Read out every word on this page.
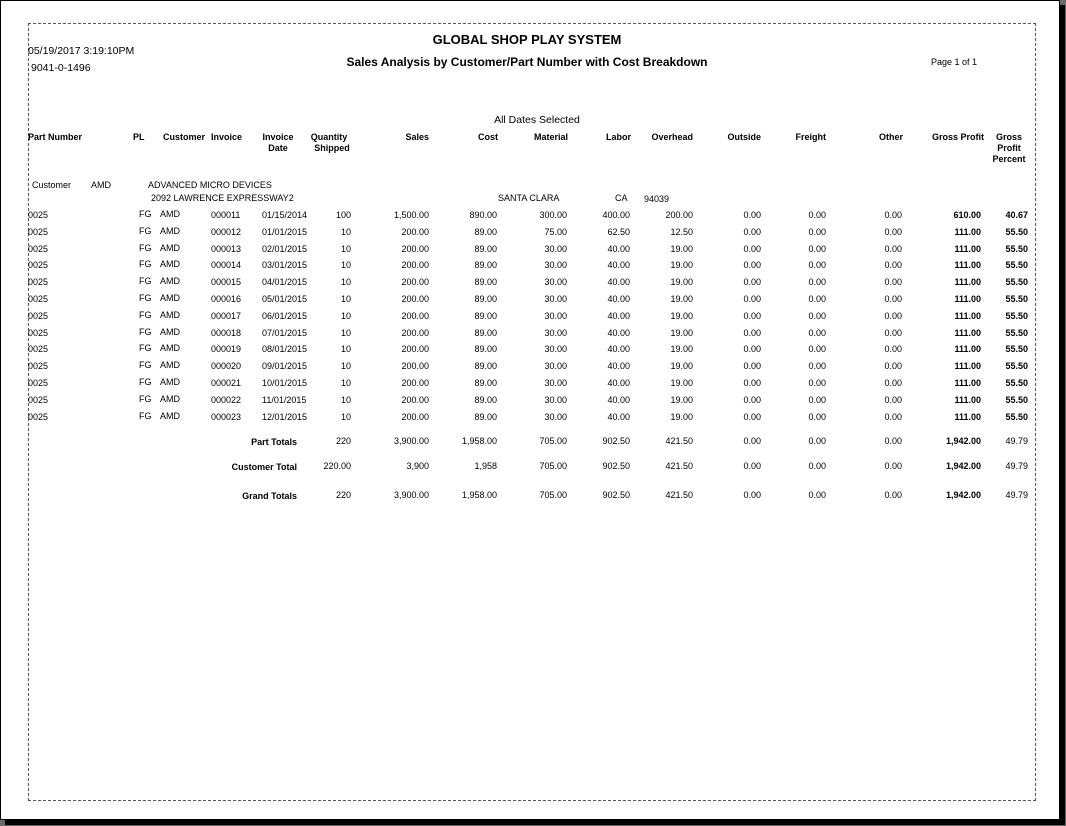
05/19/2017 3:19:10PM
9041-0-1496
GLOBAL SHOP PLAY SYSTEM
Sales Analysis by Customer/Part Number with Cost Breakdown	Page 1 of 1
All Dates Selected
Part Number	PL Customer Invoice	Invoice
Date
Quantity
Shipped
Sales	Cost	Material	Labor	Overhead	Outside	Freight	Other	Gross Profit	Gross
Profit
Percent
Customer AMD	ADVANCED MICRO DEVICES
2092 LAWRENCE EXPRESSWAY2	SANTA CLARA	CA 94039
0025	FG AMD	000011	01/15/2014	100	1,500.00	890.00	300.00	400.00	200.00	0.00	0.00	0.00	610.00	40.67
0025	FG AMD	000012	01/01/2015	10	200.00	89.00	75.00	62.50	12.50	0.00	0.00	0.00	111.00	55.50
0025	FG AMD	000013	02/01/2015	10	200.00	89.00	30.00	40.00	19.00	0.00	0.00	0.00	111.00	55.50
0025	FG AMD	000014	03/01/2015	10	200.00	89.00	30.00	40.00	19.00	0.00	0.00	0.00	111.00	55.50
0025	FG AMD	000015	04/01/2015	10	200.00	89.00	30.00	40.00	19.00	0.00	0.00	0.00	111.00	55.50
0025	FG AMD	000016	05/01/2015	10	200.00	89.00	30.00	40.00	19.00	0.00	0.00	0.00	111.00	55.50
0025	FG AMD	000017	06/01/2015	10	200.00	89.00	30.00	40.00	19.00	0.00	0.00	0.00	111.00	55.50
0025	FG AMD	000018	07/01/2015	10	200.00	89.00	30.00	40.00	19.00	0.00	0.00	0.00	111.00	55.50
0025	FG AMD	000019	08/01/2015	10	200.00	89.00	30.00	40.00	19.00	0.00	0.00	0.00	111.00	55.50
0025	FG AMD	000020	09/01/2015	10	200.00	89.00	30.00	40.00	19.00	0.00	0.00	0.00	111.00	55.50
0025	FG AMD	000021	10/01/2015	10	200.00	89.00	30.00	40.00	19.00	0.00	0.00	0.00	111.00	55.50
0025	FG AMD	000022	11/01/2015	10	200.00	89.00	30.00	40.00	19.00	0.00	0.00	0.00	111.00	55.50
0025	FG AMD	000023	12/01/2015	10	200.00	89.00	30.00	40.00	19.00	0.00	0.00	0.00	111.00	55.50
Part Totals	220	3,900.00	1,958.00	705.00	902.50	421.50	0.00	0.00	0.00	1,942.00	49.79
Customer Total	220.00	3,900	1,958	705.00	902.50	421.50	0.00	0.00	0.00	1,942.00	49.79
Grand Totals	220	3,900.00	1,958.00	705.00	902.50	421.50	0.00	0.00	0.00	1,942.00	49.79
